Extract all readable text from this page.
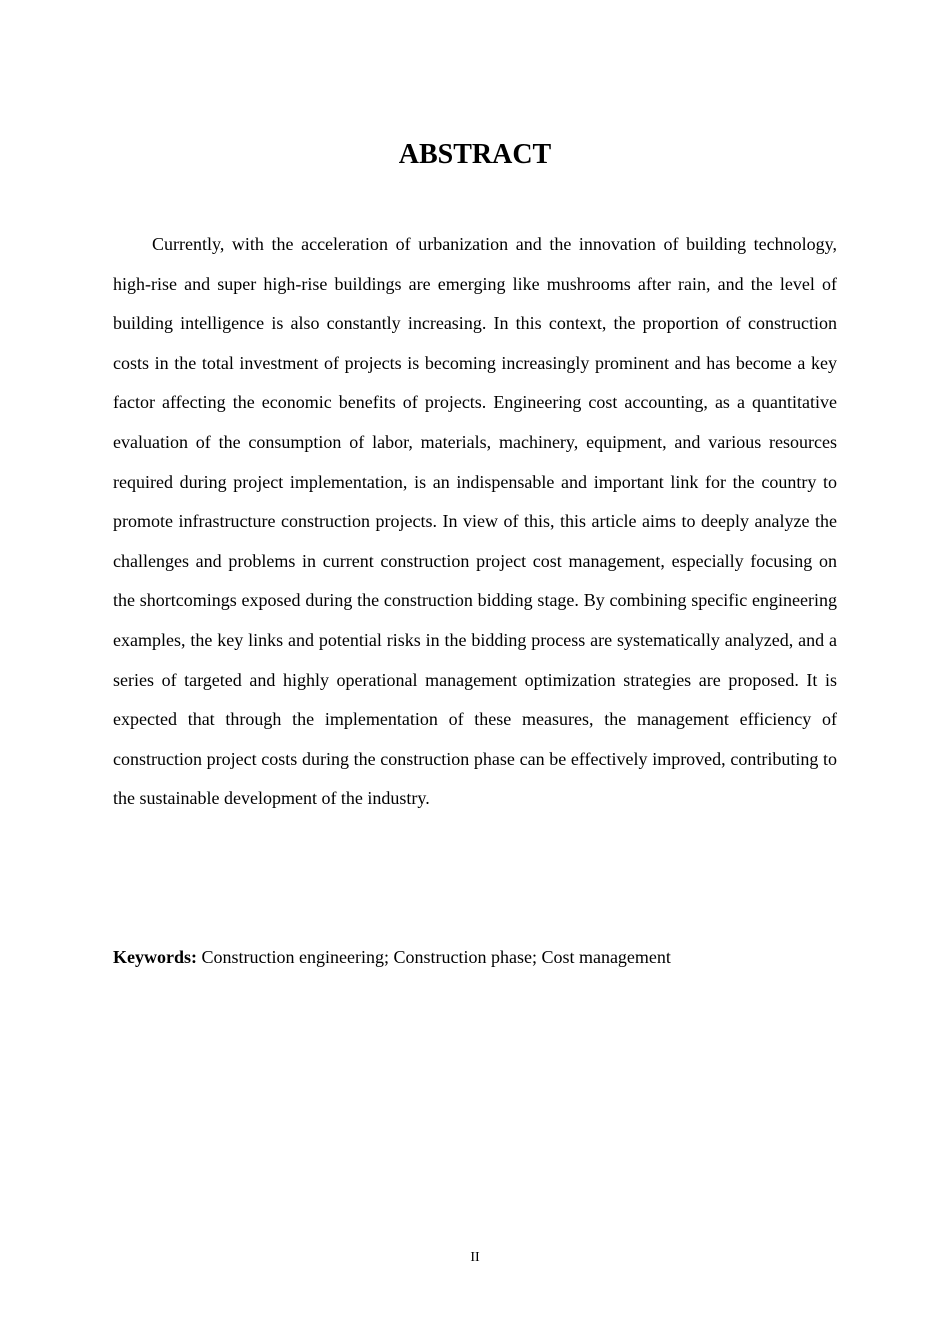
ABSTRACT

Currently, with the acceleration of urbanization and the innovation of building technology, high-rise and super high-rise buildings are emerging like mushrooms after rain, and the level of building intelligence is also constantly increasing. In this context, the proportion of construction costs in the total investment of projects is becoming increasingly prominent and has become a key factor affecting the economic benefits of projects. Engineering cost accounting, as a quantitative evaluation of the consumption of labor, materials, machinery, equipment, and various resources required during project implementation, is an indispensable and important link for the country to promote infrastructure construction projects. In view of this, this article aims to deeply analyze the challenges and problems in current construction project cost management, especially focusing on the shortcomings exposed during the construction bidding stage. By combining specific engineering examples, the key links and potential risks in the bidding process are systematically analyzed, and a series of targeted and highly operational management optimization strategies are proposed. It is expected that through the implementation of these measures, the management efficiency of construction project costs during the construction phase can be effectively improved, contributing to the sustainable development of the industry.

Keywords: Construction engineering; Construction phase; Cost management

II
